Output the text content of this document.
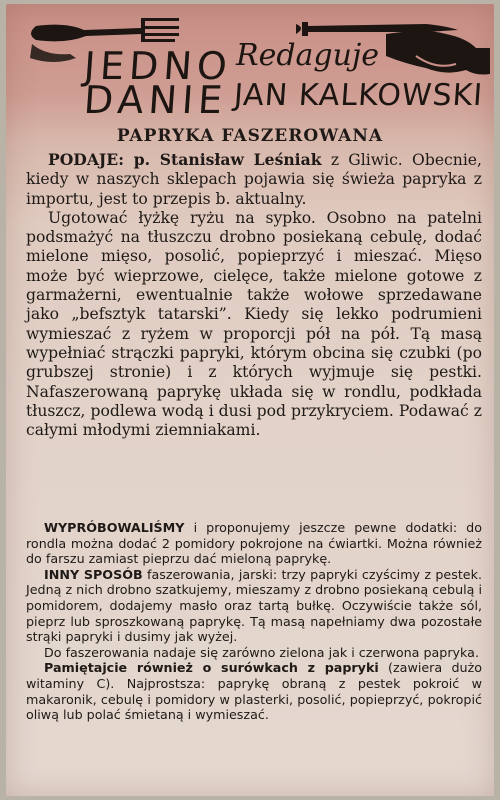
JEDNO
DANIE
Redaguje
JAN KALKOWSKI
PAPRYKA FASZEROWANA

PODAJE: p. Stanisław Leśniak z Gliwic. Obecnie, kiedy w naszych sklepach pojawia się świeża papryka z importu, jest to przepis b. aktualny.

Ugotować łyżkę ryżu na sypko. Osobno na patelni podsmażyć na tłuszczu drobno posiekaną cebulę, dodać mielone mięso, posolić, popieprzyć i mieszać. Mięso może być wieprzowe, cielęce, także mielone gotowe z garmażerni, ewentualnie także wołowe sprzedawane jako „befsztyk tatarski”. Kiedy się lekko podrumieni wymieszać z ryżem w proporcji pół na pół. Tą masą wypełniać strączki papryki, którym obcina się czubki (po grubszej stronie) i z których wyjmuje się pestki. Nafaszerowaną paprykę układa się w rondlu, podkłada tłuszcz, podlewa wodą i dusi pod przykryciem. Podawać z całymi młodymi ziemniakami.

WYPRÓBOWALIŚMY i proponujemy jeszcze pewne dodatki: do rondla można dodać 2 pomidory pokrojone na ćwiartki. Można również do farszu zamiast pieprzu dać mieloną paprykę.

INNY SPOSÓB faszerowania, jarski: trzy papryki czyścimy z pestek. Jedną z nich drobno szatkujemy, mieszamy z drobno posiekaną cebulą i pomidorem, dodajemy masło oraz tartą bułkę. Oczywiście także sól, pieprz lub sproszkowaną paprykę. Tą masą napełniamy dwa pozostałe strąki papryki i dusimy jak wyżej.

Do faszerowania nadaje się zarówno zielona jak i czerwona papryka.

Pamiętajcie również o surówkach z papryki (zawiera dużo witaminy C). Najprostsza: paprykę obraną z pestek pokroić w makaronik, cebulę i pomidory w plasterki, posolić, popieprzyć, pokropić oliwą lub polać śmietaną i wymieszać.
